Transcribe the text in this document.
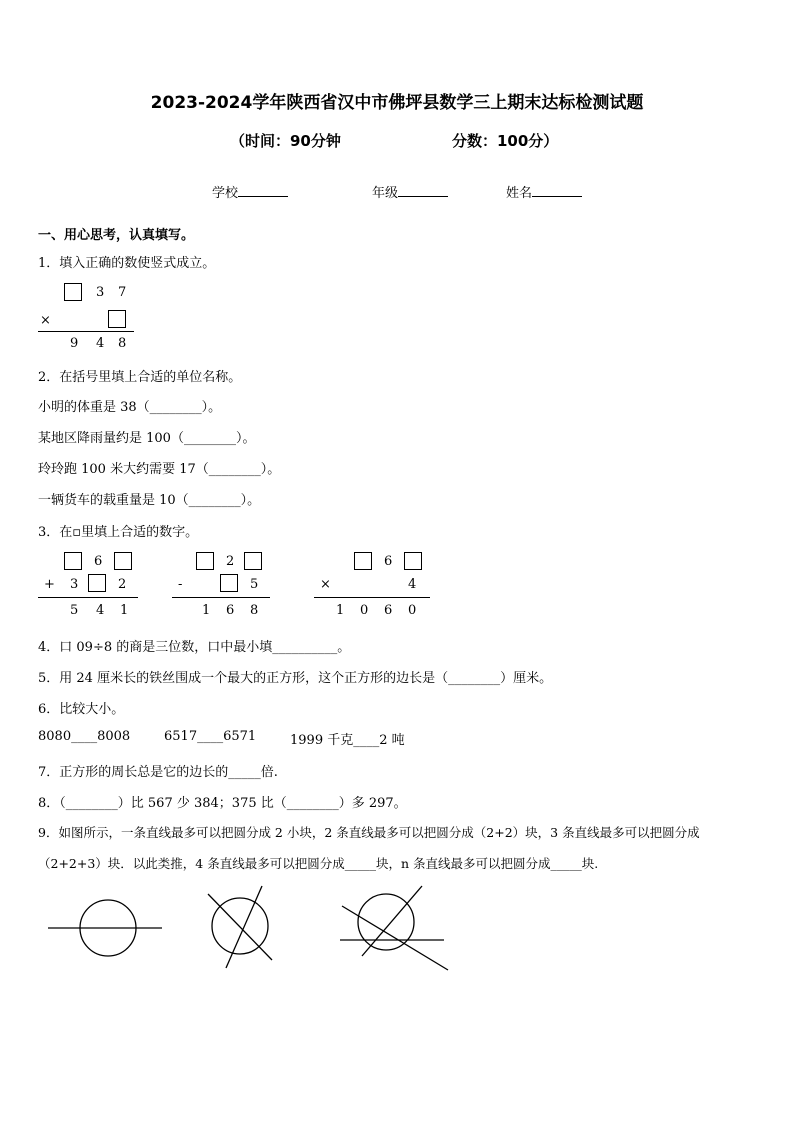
2023-2024学年陕西省汉中市佛坪县数学三上期末达标检测试题
（时间：90分钟	分数：100分）
学校	年级	姓名
一、用心思考，认真填写。
1．填入正确的数使竖式成立。
3 7
×
9 4 8
2．在括号里填上合适的单位名称。
小明的体重是 38（________）。
某地区降雨量约是 100（________）。
玲玲跑 100 米大约需要 17（________）。
一辆货车的载重量是 10（________）。
3．在▫里填上合适的数字。
6
+ 3	2
5 4 1
2
-	5
1 6 8
6
×	4
1 0 6 0
4．口 09÷8 的商是三位数，口中最小填__________。
5．用 24 厘米长的铁丝围成一个最大的正方形，这个正方形的边长是（________）厘米。
6．比较大小。
8080____8008	6517____6571	1999 千克____2 吨
7．正方形的周长总是它的边长的_____倍.
8．（________）比 567 少 384；375 比（________）多 297。
9．如图所示，一条直线最多可以把圆分成 2 小块，2 条直线最多可以把圆分成（2+2）块，3 条直线最多可以把圆分成
（2+2+3）块．以此类推，4 条直线最多可以把圆分成_____块，n 条直线最多可以把圆分成_____块.
